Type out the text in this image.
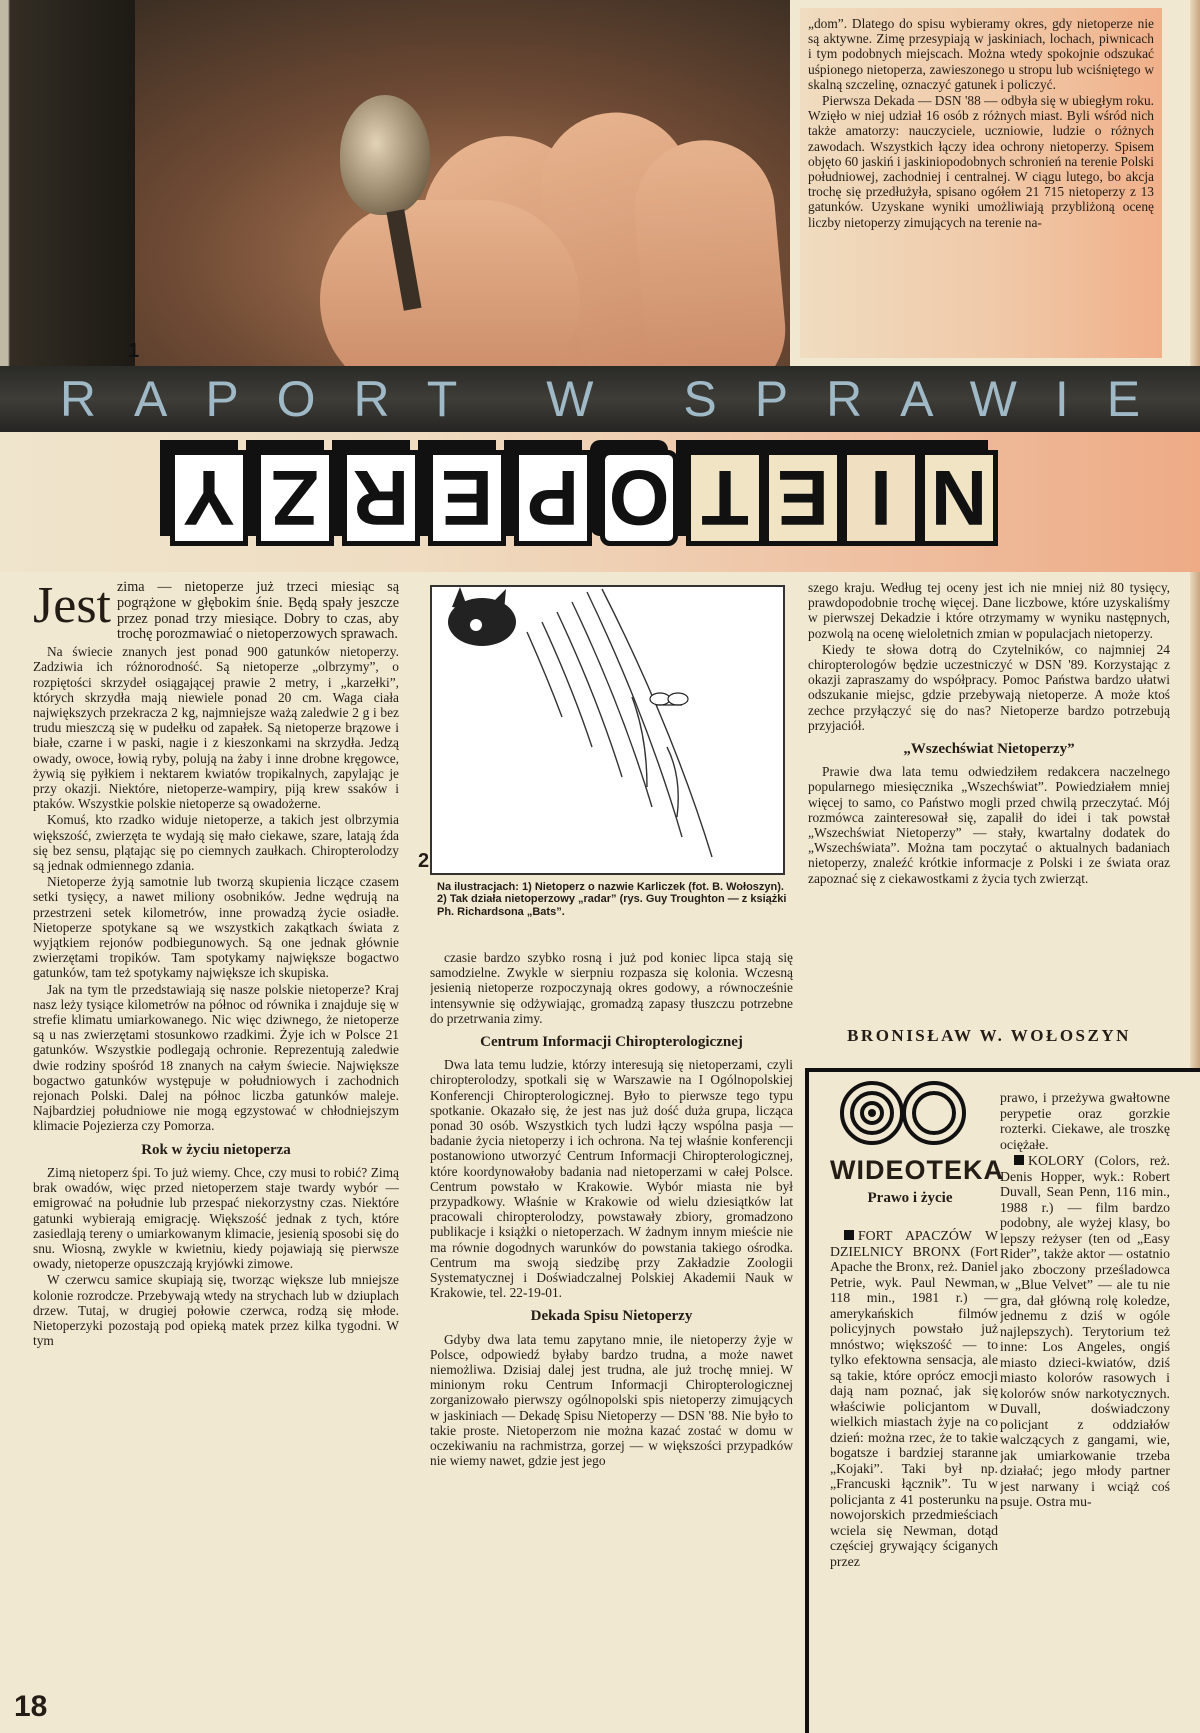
1

„dom”. Dlatego do spisu wybieramy okres, gdy nietoperze nie są aktywne. Zimę przesypiają w jaskiniach, lochach, piwnicach i tym podobnych miejscach. Można wtedy spokojnie odszukać uśpionego nietoperza, zawieszonego u stropu lub wciśniętego w skalną szczelinę, oznaczyć gatunek i policzyć.

Pierwsza Dekada — DSN '88 — odbyła się w ubiegłym roku. Wzięło w niej udział 16 osób z różnych miast. Byli wśród nich także amatorzy: nauczyciele, uczniowie, ludzie o różnych zawodach. Wszystkich łączy idea ochrony nietoperzy. Spisem objęto 60 jaskiń i jaskiniopodobnych schronień na terenie Polski południowej, zachodniej i centralnej. W ciągu lutego, bo akcja trochę się przedłużyła, spisano ogółem 21 715 nietoperzy z 13 gatunków. Uzyskane wyniki umożliwiają przybliżoną ocenę liczby nietoperzy zimujących na terenie na-

RAPORT W SPRAWIE
N
I
E
T
O
P
E
R
Z
Y
Jest zima — nietoperze już trzeci miesiąc są pogrążone w głębokim śnie. Będą spały jeszcze przez ponad trzy miesiące. Dobry to czas, aby trochę porozmawiać o nietoperzowych sprawach.

Na świecie znanych jest ponad 900 gatunków nietoperzy. Zadziwia ich różnorodność. Są nietoperze „olbrzymy”, o rozpiętości skrzydeł osiągającej prawie 2 metry, i „karzełki”, których skrzydła mają niewiele ponad 20 cm. Waga ciała największych przekracza 2 kg, najmniejsze ważą zaledwie 2 g i bez trudu mieszczą się w pudełku od zapałek. Są nietoperze brązowe i białe, czarne i w paski, nagie i z kieszonkami na skrzydła. Jedzą owady, owoce, łowią ryby, polują na żaby i inne drobne kręgowce, żywią się pyłkiem i nektarem kwiatów tropikalnych, zapylając je przy okazji. Niektóre, nietoperze-wampiry, piją krew ssaków i ptaków. Wszystkie polskie nietoperze są owadożerne.

Komuś, kto rzadko widuje nietoperze, a takich jest olbrzymia większość, zwierzęta te wydają się mało ciekawe, szare, latają źda się bez sensu, plątając się po ciemnych zaułkach. Chiropterolodzy są jednak odmiennego zdania.

Nietoperze żyją samotnie lub tworzą skupienia liczące czasem setki tysięcy, a nawet miliony osobników. Jedne wędrują na przestrzeni setek kilometrów, inne prowadzą życie osiadłe. Nietoperze spotykane są we wszystkich zakątkach świata z wyjątkiem rejonów podbiegunowych. Są one jednak głównie zwierzętami tropików. Tam spotykamy największe bogactwo gatunków, tam też spotykamy największe ich skupiska.

Jak na tym tle przedstawiają się nasze polskie nietoperze? Kraj nasz leży tysiące kilometrów na północ od równika i znajduje się w strefie klimatu umiarkowanego. Nic więc dziwnego, że nietoperze są u nas zwierzętami stosunkowo rzadkimi. Żyje ich w Polsce 21 gatunków. Wszystkie podlegają ochronie. Reprezentują zaledwie dwie rodziny spośród 18 znanych na całym świecie. Największe bogactwo gatunków występuje w południowych i zachodnich rejonach Polski. Dalej na północ liczba gatunków maleje. Najbardziej południowe nie mogą egzystować w chłodniejszym klimacie Pojezierza czy Pomorza.

Rok w życiu nietoperza

Zimą nietoperz śpi. To już wiemy. Chce, czy musi to robić? Zimą brak owadów, więc przed nietoperzem staje twardy wybór — emigrować na południe lub przespać niekorzystny czas. Niektóre gatunki wybierają emigrację. Większość jednak z tych, które zasiedlają tereny o umiarkowanym klimacie, jesienią sposobi się do snu. Wiosną, zwykle w kwietniu, kiedy pojawiają się pierwsze owady, nietoperze opuszczają kryjówki zimowe.

W czerwcu samice skupiają się, tworząc większe lub mniejsze kolonie rozrodcze. Przebywają wtedy na strychach lub w dziuplach drzew. Tutaj, w drugiej połowie czerwca, rodzą się młode. Nietoperzyki pozostają pod opieką matek przez kilka tygodni. W tym

2
Na ilustracjach: 1) Nietoperz o nazwie Karliczek (fot. B. Wołoszyn). 2) Tak działa nietoperzowy „radar” (rys. Guy Troughton — z książki Ph. Richardsona „Bats”.

czasie bardzo szybko rosną i już pod koniec lipca stają się samodzielne. Zwykle w sierpniu rozpasza się kolonia. Wczesną jesienią nietoperze rozpoczynają okres godowy, a równocześnie intensywnie się odżywiając, gromadzą zapasy tłuszczu potrzebne do przetrwania zimy.

Centrum Informacji Chiropterologicznej

Dwa lata temu ludzie, którzy interesują się nietoperzami, czyli chiropterolodzy, spotkali się w Warszawie na I Ogólnopolskiej Konferencji Chiropterologicznej. Było to pierwsze tego typu spotkanie. Okazało się, że jest nas już dość duża grupa, licząca ponad 30 osób. Wszystkich tych ludzi łączy wspólna pasja — badanie życia nietoperzy i ich ochrona. Na tej właśnie konferencji postanowiono utworzyć Centrum Informacji Chiropterologicznej, które koordynowałoby badania nad nietoperzami w całej Polsce. Centrum powstało w Krakowie. Wybór miasta nie był przypadkowy. Właśnie w Krakowie od wielu dziesiątków lat pracowali chiropterolodzy, powstawały zbiory, gromadzono publikacje i książki o nietoperzach. W żadnym innym mieście nie ma równie dogodnych warunków do powstania takiego ośrodka. Centrum ma swoją siedzibę przy Zakładzie Zoologii Systematycznej i Doświadczalnej Polskiej Akademii Nauk w Krakowie, tel. 22-19-01.

Dekada Spisu Nietoperzy

Gdyby dwa lata temu zapytano mnie, ile nietoperzy żyje w Polsce, odpowiedź byłaby bardzo trudna, a może nawet niemożliwa. Dzisiaj dalej jest trudna, ale już trochę mniej. W minionym roku Centrum Informacji Chiropterologicznej zorganizowało pierwszy ogólnopolski spis nietoperzy zimujących w jaskiniach — Dekadę Spisu Nietoperzy — DSN '88. Nie było to takie proste. Nietoperzom nie można kazać zostać w domu w oczekiwaniu na rachmistrza, gorzej — w większości przypadków nie wiemy nawet, gdzie jest jego

szego kraju. Według tej oceny jest ich nie mniej niż 80 tysięcy, prawdopodobnie trochę więcej. Dane liczbowe, które uzyskaliśmy w pierwszej Dekadzie i które otrzymamy w wyniku następnych, pozwolą na ocenę wieloletnich zmian w populacjach nietoperzy.

Kiedy te słowa dotrą do Czytelników, co najmniej 24 chiropterologów będzie uczestniczyć w DSN '89. Korzystając z okazji zapraszamy do współpracy. Pomoc Państwa bardzo ułatwi odszukanie miejsc, gdzie przebywają nietoperze. A może ktoś zechce przyłączyć się do nas? Nietoperze bardzo potrzebują przyjaciół.

„Wszechświat Nietoperzy”

Prawie dwa lata temu odwiedziłem redakcera naczelnego popularnego miesięcznika „Wszechświat”. Powiedziałem mniej więcej to samo, co Państwo mogli przed chwilą przeczytać. Mój rozmówca zainteresował się, zapalił do idei i tak powstał „Wszechświat Nietoperzy” — stały, kwartalny dodatek do „Wszechświata”. Można tam poczytać o aktualnych badaniach nietoperzy, znaleźć krótkie informacje z Polski i ze świata oraz zapoznać się z ciekawostkami z życia tych zwierząt.

BRONISŁAW W. WOŁOSZYN
WIDEOTEKA
Prawo i życie

FORT APACZÓW W DZIELNICY BRONX (Fort Apache the Bronx, reż. Daniel Petrie, wyk. Paul Newman, 118 min., 1981 r.) — amerykańskich filmów policyjnych powstało już mnóstwo; większość — to tylko efektowna sensacja, ale są takie, które oprócz emocji dają nam poznać, jak się właściwie policjantom w wielkich miastach żyje na co dzień: można rzec, że to takie bogatsze i bardziej staranne „Kojaki”. Taki był np. „Francuski łącznik”. Tu w policjanta z 41 posterunku na nowojorskich przedmieściach wciela się Newman, dotąd częściej grywający ściganych przez

prawo, i przeżywa gwałtowne perypetie oraz gorzkie rozterki. Ciekawe, ale troszkę ociężałe.

KOLORY (Colors, reż. Denis Hopper, wyk.: Robert Duvall, Sean Penn, 116 min., 1988 r.) — film bardzo podobny, ale wyżej klasy, bo lepszy reżyser (ten od „Easy Rider”, także aktor — ostatnio jako zboczony prześladowca w „Blue Velvet” — ale tu nie gra, dał główną rolę koledze, jednemu z dziś w ogóle najlepszych). Terytorium też inne: Los Angeles, ongiś miasto dzieci-kwiatów, dziś miasto kolorów rasowych i kolorów snów narkotycznych. Duvall, doświadczony policjant z oddziałów walczących z gangami, wie, jak umiarkowanie trzeba działać; jego młody partner jest narwany i wciąż coś psuje. Ostra mu-

18
